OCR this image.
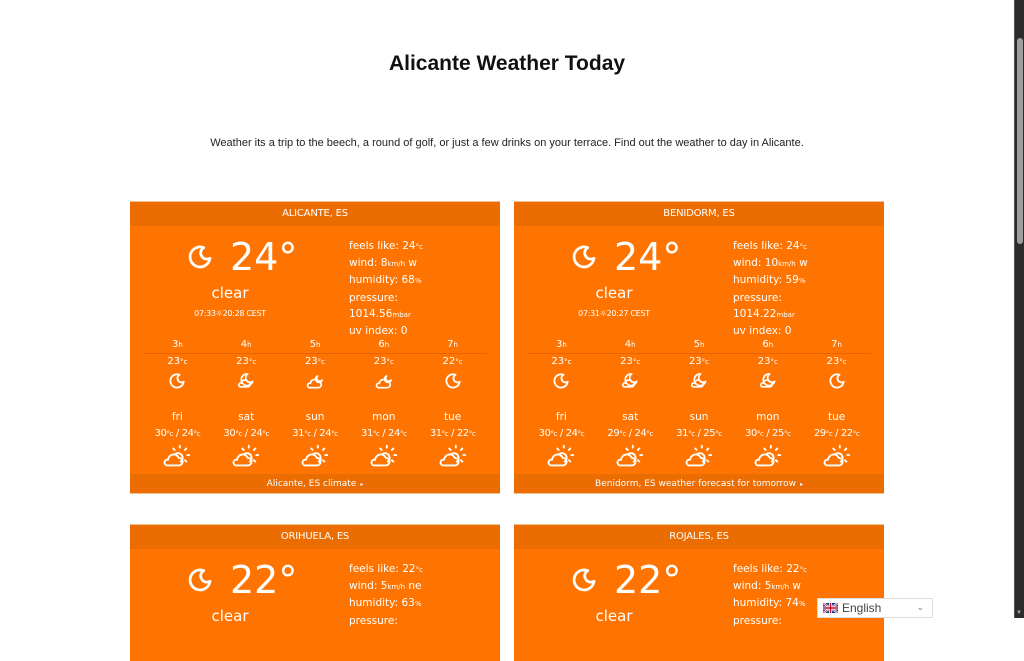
Alicante Weather Today

Weather its a trip to the beech, a round of golf, or just a few drinks on your terrace. Find out the weather to day in Alicante.

ALICANTE, ES
24°
clear
07:33☼20:28 CEST
feels like: 24°c
wind: 8km/h w
humidity: 68%
pressure:
1014.56mbar
uv index: 0
3h	4h	5h	6h	7h
23°c	23°c	23°c	23°c	22°c
fri	sat	sun	mon	tue
30°c / 24°c	30°c / 24°c	31°c / 24°c	31°c / 24°c	31°c / 22°c
Alicante, ES climate ▸
BENIDORM, ES
24°
clear
07:31☼20:27 CEST
feels like: 24°c
wind: 10km/h w
humidity: 59%
pressure:
1014.22mbar
uv index: 0
3h	4h	5h	6h	7h
23°c	23°c	23°c	23°c	23°c
fri	sat	sun	mon	tue
30°c / 24°c	29°c / 24°c	31°c / 25°c	30°c / 25°c	29°c / 22°c
Benidorm, ES weather forecast for tomorrow ▸
ORIHUELA, ES
22°
clear
feels like: 22°c
wind: 5km/h ne
humidity: 63%
pressure:
ROJALES, ES
22°
clear
feels like: 22°c
wind: 5km/h w
humidity: 74%
pressure:
English	⌄
▼
